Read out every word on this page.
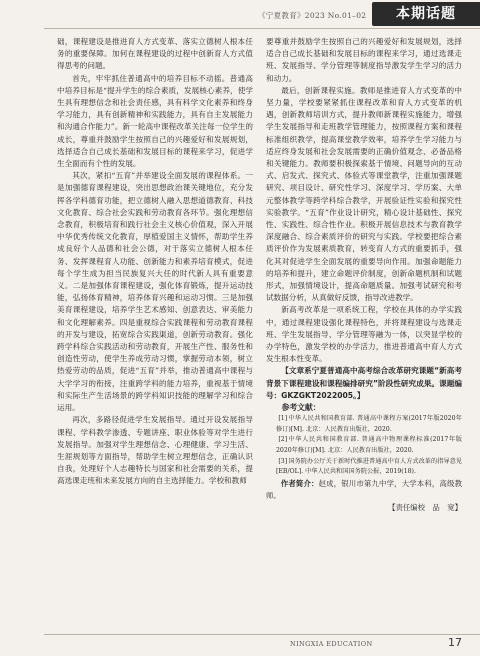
《宁夏教育》2023 No.01–02	本期话题

础，课程建设是推进育人方式变革、落实立德树人根本任务的重要保障。加何在课程建设的过程中创新育人方式值得思考的问题。

首先，牢牢抓住普通高中的培养目标不动摇。普通高中培养目标是“提升学生的综合素质，发展核心素养，使学生具有理想信念和社会责任感，具有科学文化素养和终身学习能力，具有创新精神和实践能力，具有自主发展能力和沟通合作能力”。新一轮高中课程改革关注每一位学生的成长，尊重并鼓励学生按照自己的兴趣爱好和发展规划，选择适合自己成长基础和发展目标的课程来学习，促进学生全面而有个性的发展。

其次，紧扣“五育”并举建设全面发展的课程体系。一是加强德育课程建设，突出思想政治课关键地位，充分发挥各学科德育功能，把立德树人融入思想道德教育、科技文化教育、综合社会实践和劳动教育各环节。强化理想信念教育，积极培育和践行社会主义核心价值观，深入开展中华优秀传统文化教育，厚植爱国主义情怀，帮助学生养成良好个人品德和社会公德，对于落实立德树人根本任务、发挥课程育人功能、创新能力和素养培育模式，促进每个学生成为担当民族复兴大任的时代新人具有重要意义。二是加强体育课程建设，强化体育锻炼，提升运动技能，弘扬体育精神，培养体育兴趣和运动习惯。三是加强美育课程建设，培养学生艺术感知、创意表达、审美能力和文化理解素养。四是重视综合实践课程和劳动教育课程的开发与建设，拓宽综合实践渠道，创新劳动教育。强化跨学科综合实践活动和劳动教育，开展生产性、服务性和创造性劳动，使学生养成劳动习惯，掌握劳动本领，树立热爱劳动的品质，促进“五育”并举，推动普通高中课程与大学学习的衔接，注重跨学科的能力培养，重视基于情境和实际生产生活场景的跨学科知识技能的理解学习和综合运用。

再次，多路径促进学生发展指导。通过开设发展指导课程、学科教学渗透、专题讲座、职业体验等对学生进行发展指导。加强对学生理想信念、心理健康、学习生活、生涯规划等方面指导，帮助学生树立理想信念，正确认识自我，处理好个人志趣特长与国家和社会需要的关系，提高选课走班和未来发展方向的自主选择能力。学校和教师

要尊重并鼓励学生按照自己的兴趣爱好和发展规划，选择适合自己成长基础和发展目标的课程来学习，通过选课走班、发展指导、学分管理等制度指导激发学生学习的活力和动力。

最后，创新课程实施。教师是推进育人方式变革的中坚力量，学校要紧紧抓住课程改革和育人方式变革的机遇，创新教师培训方式，提升教师新课程实施能力，增强学生发展指导和走班教学管理能力，按照课程方案和课程标准组织教学，提高课堂教学效率，培养学生学习能力与适应终身发展和社会发展需要的正确价值观念、必备品格和关键能力。教师要积极探索基于情境、问题导向的互动式、启发式、探究式、体验式等课堂教学，注重加强课题研究、项目设计、研究性学习、深度学习、学历案、大单元整体教学等跨学科综合教学，开展验证性实验和探究性实验教学。“五育”作业设计研究，精心设计基础性、探究性、实践性、综合性作业。积极开展信息技术与教育教学深度融合、综合素质评价的研究与实践。学校要把综合素质评价作为发展素质教育，转变育人方式的重要抓手，强化其对促进学生全面发展的重要导向作用。加强命题能力的培养和提升，建立命题评价制度，创新命题机制和试题形式，加强情境设计，提高命题质量。加强考试研究和考试数据分析，从真做好反馈，指导改进教学。

新高考改革是一项系统工程，学校在具体的办学实践中，通过课程建设强化课程特色，并将课程建设与选课走班、学生发展指导、学分管理等融为一体，以突显学校的办学特色，激发学校的办学活力，推进普通高中育人方式发生根本性变革。

【文章系宁夏普通高中高考综合改革研究课题“新高考背景下课程建设和课程编排研究”阶段性研究成果。课题编号：GKZGKT2022005。】

参考文献：

[1] 中华人民共和国教育部. 普通高中课程方案(2017年版2020年修订)[M]. 北京：人民教育出版社，2020.

[2] 中华人民共和国教育部. 普通高中物理课程标准(2017年版2020年修订)[M]. 北京：人民教育出版社，2020.

[3] 国务院办公厅关于新时代推进普通高中育人方式改革的指导意见[EB/OL]. 中华人民共和国国务院公报，2019(18).

作者简介：赵成，银川市第九中学，大学本科，高级教师。

【责任编校　品　宽】

NINGXIA EDUCATION	17
